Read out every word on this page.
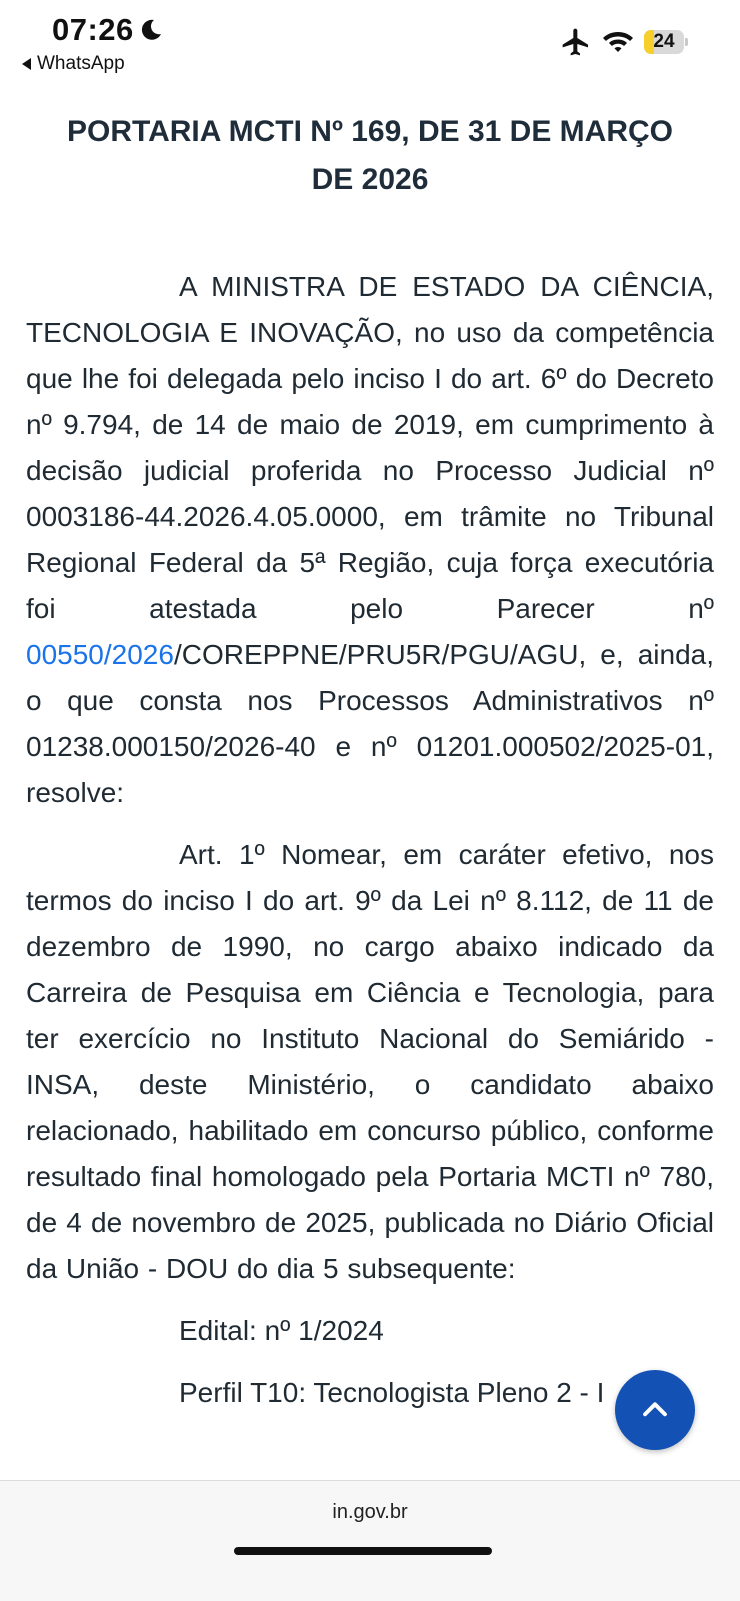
07:26
WhatsApp
24
PORTARIA MCTI Nº 169, DE 31 DE MARÇO DE 2026

A MINISTRA DE ESTADO DA CIÊNCIA, TECNOLOGIA E INOVAÇÃO, no uso da competência que lhe foi delegada pelo inciso I do art. 6º do Decreto nº 9.794, de 14 de maio de 2019, em cumprimento à decisão judicial proferida no Processo Judicial nº 0003186-44.2026.4.05.0000, em trâmite no Tribunal Regional Federal da 5ª Região, cuja força executória foi atestada pelo Parecer nº 00550/2026/COREPPNE/PRU5R/PGU/AGU, e, ainda, o que consta nos Processos Administrativos nº 01238.000150/2026-40 e nº 01201.000502/2025-01, resolve:

Art. 1º Nomear, em caráter efetivo, nos termos do inciso I do art. 9º da Lei nº 8.112, de 11 de dezembro de 1990, no cargo abaixo indicado da Carreira de Pesquisa em Ciência e Tecnologia, para ter exercício no Instituto Nacional do Semiárido - INSA, deste Ministério, o candidato abaixo relacionado, habilitado em concurso público, conforme resultado final homologado pela Portaria MCTI nº 780, de 4 de novembro de 2025, publicada no Diário Oficial da União - DOU do dia 5 subsequente:

Edital: nº 1/2024
Perfil T10: Tecnologista Pleno 2 - I
in.gov.br
